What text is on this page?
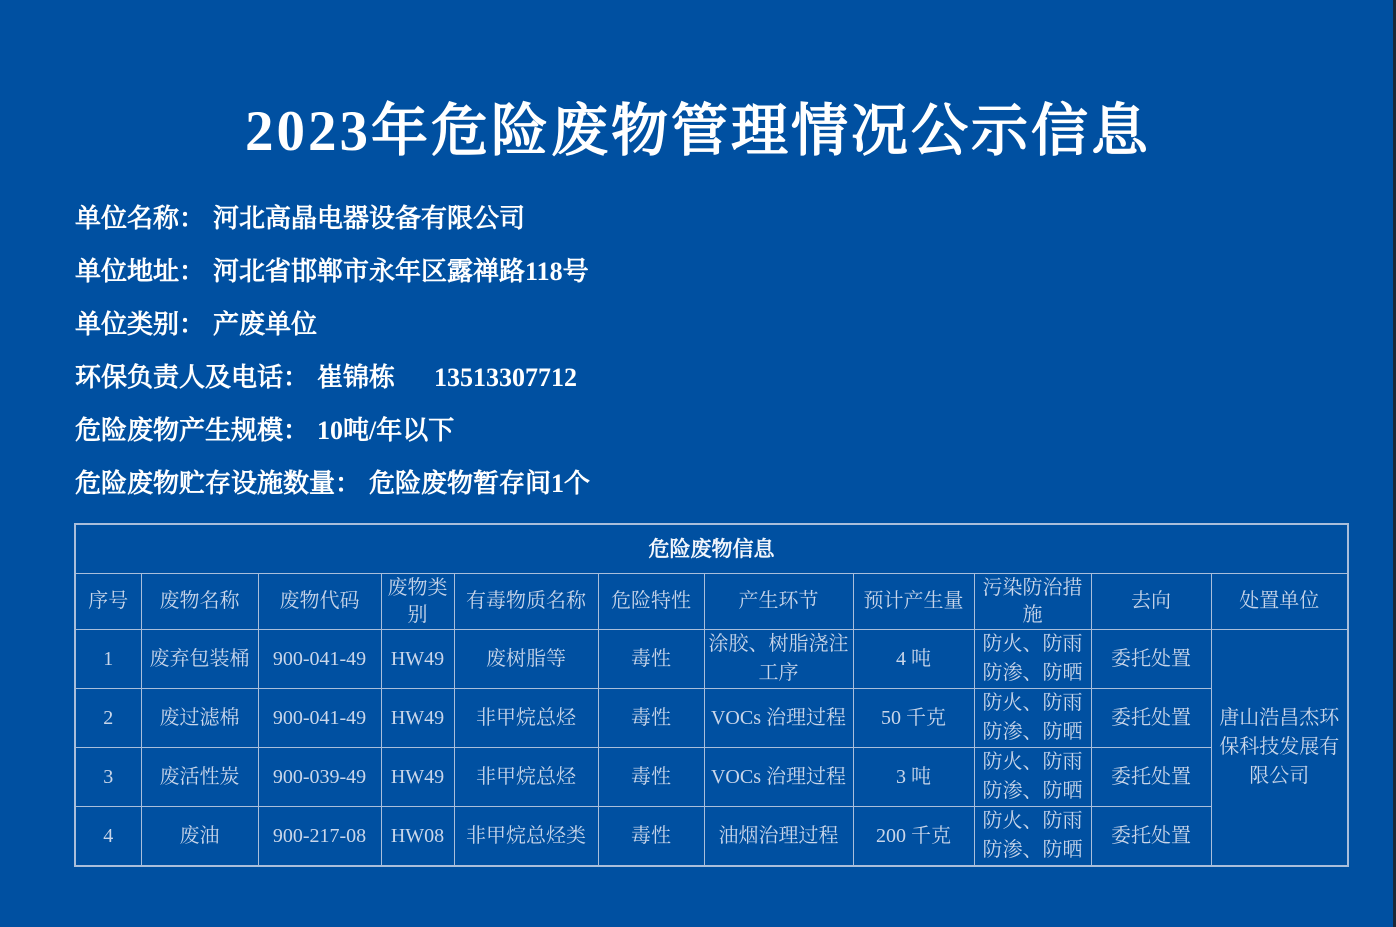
2023年危险废物管理情况公示信息
单位名称： 河北高晶电器设备有限公司
单位地址： 河北省邯郸市永年区露禅路118号
单位类别： 产废单位
环保负责人及电话： 崔锦栋      13513307712
危险废物产生规模： 10吨/年以下
危险废物贮存设施数量： 危险废物暂存间1个
危险废物信息										
序号	废物名称	废物代码	废物类别	有毒物质名称	危险特性	产生环节	预计产生量	污染防治措施	去向	处置单位
1	废弃包装桶	900-041-49	HW49	废树脂等	毒性	涂胶、树脂浇注工序	4 吨	防火、防雨防渗、防晒	委托处置	唐山浩昌杰环保科技发展有限公司
2	废过滤棉	900-041-49	HW49	非甲烷总烃	毒性	VOCs 治理过程	50 千克	防火、防雨防渗、防晒	委托处置	
3	废活性炭	900-039-49	HW49	非甲烷总烃	毒性	VOCs 治理过程	3 吨	防火、防雨防渗、防晒	委托处置	
4	废油	900-217-08	HW08	非甲烷总烃类	毒性	油烟治理过程	200 千克	防火、防雨防渗、防晒	委托处置	
